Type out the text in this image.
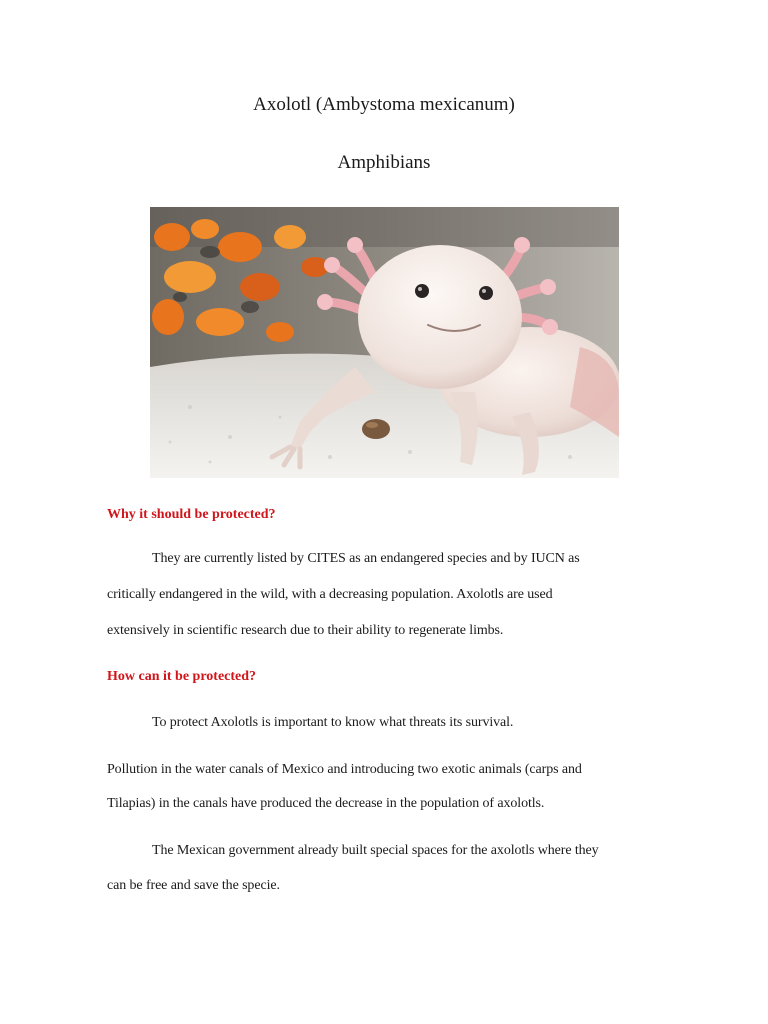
Axolotl (Ambystoma mexicanum)
Amphibians
Why it should be protected?
They are currently listed by CITES as an endangered species and by IUCN as
critically endangered in the wild, with a decreasing population. Axolotls are used
extensively in scientific research due to their ability to regenerate limbs.
How can it be protected?
To protect Axolotls is important to know what threats its survival.
Pollution in the water canals of Mexico and introducing two exotic animals (carps and
Tilapias) in the canals have produced the decrease in the population of axolotls.
The Mexican government already built special spaces for the axolotls where they
can be free and save the specie.
